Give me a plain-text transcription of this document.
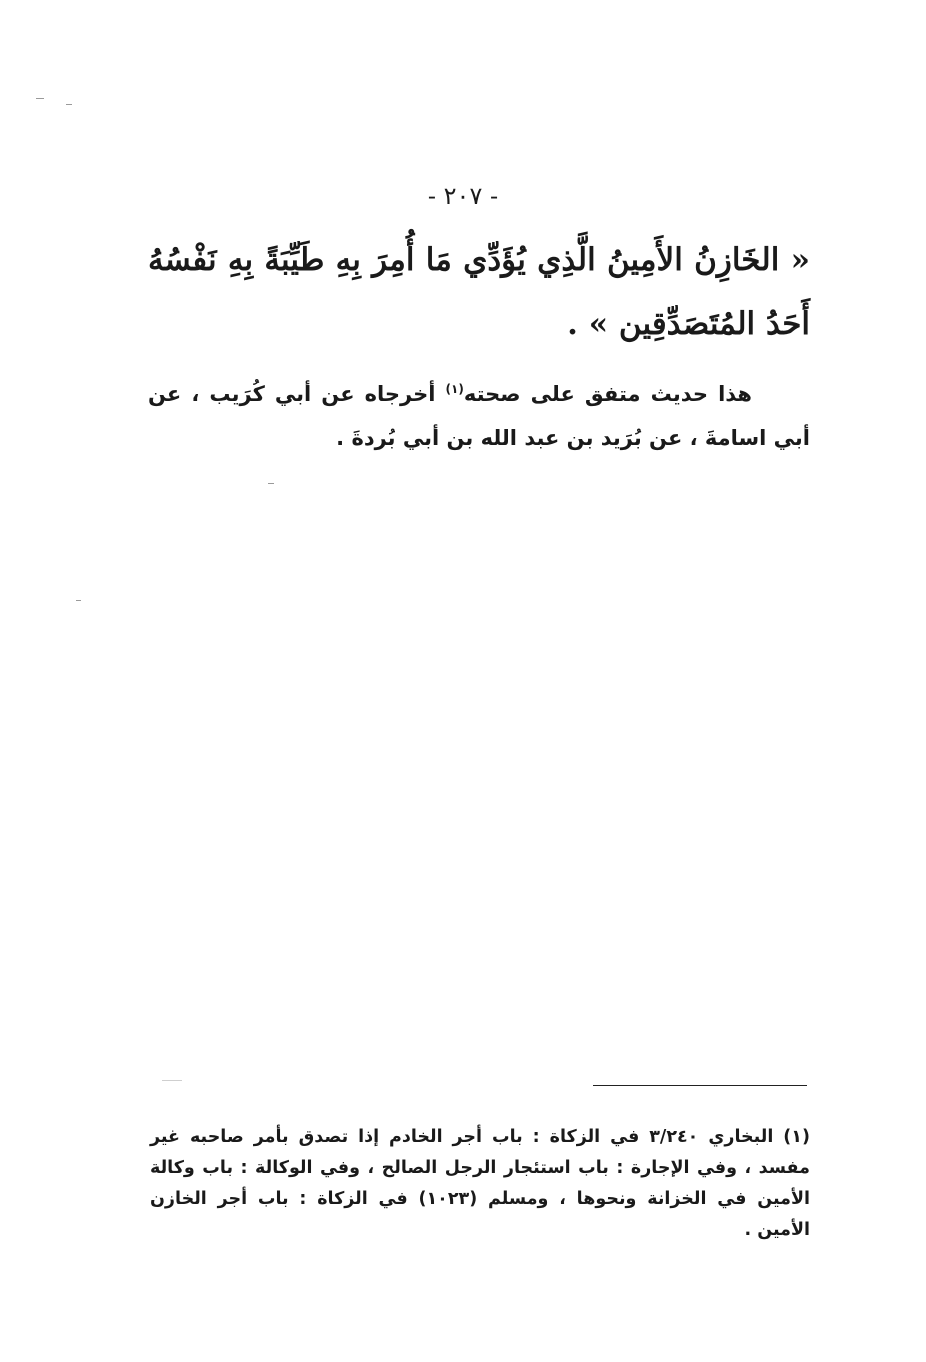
- ٢٠٧ -
« الخَازِنُ الأَمِينُ الَّذِي يُؤَدِّي مَا أُمِرَ بِهِ طَيِّبَةً بِهِ نَفْسُهُ أَحَدُ المُتَصَدِّقِين » .

هذا حديث متفق على صحته$^{(١)}$ أخرجاه عن أبي كُرَيب ، عن أبي اسامةَ ، عن بُرَيد بن عبد الله بن أبي بُردةَ .

(١) البخاري ٣/٢٤٠ في الزكاة : باب أجر الخادم إذا تصدق بأمر صاحبه غير مفسد ، وفي الإجارة : باب استئجار الرجل الصالح ، وفي الوكالة : باب وكالة الأمين في الخزانة ونحوها ، ومسلم (١٠٢٣) في الزكاة : باب أجر الخازن الأمين .
